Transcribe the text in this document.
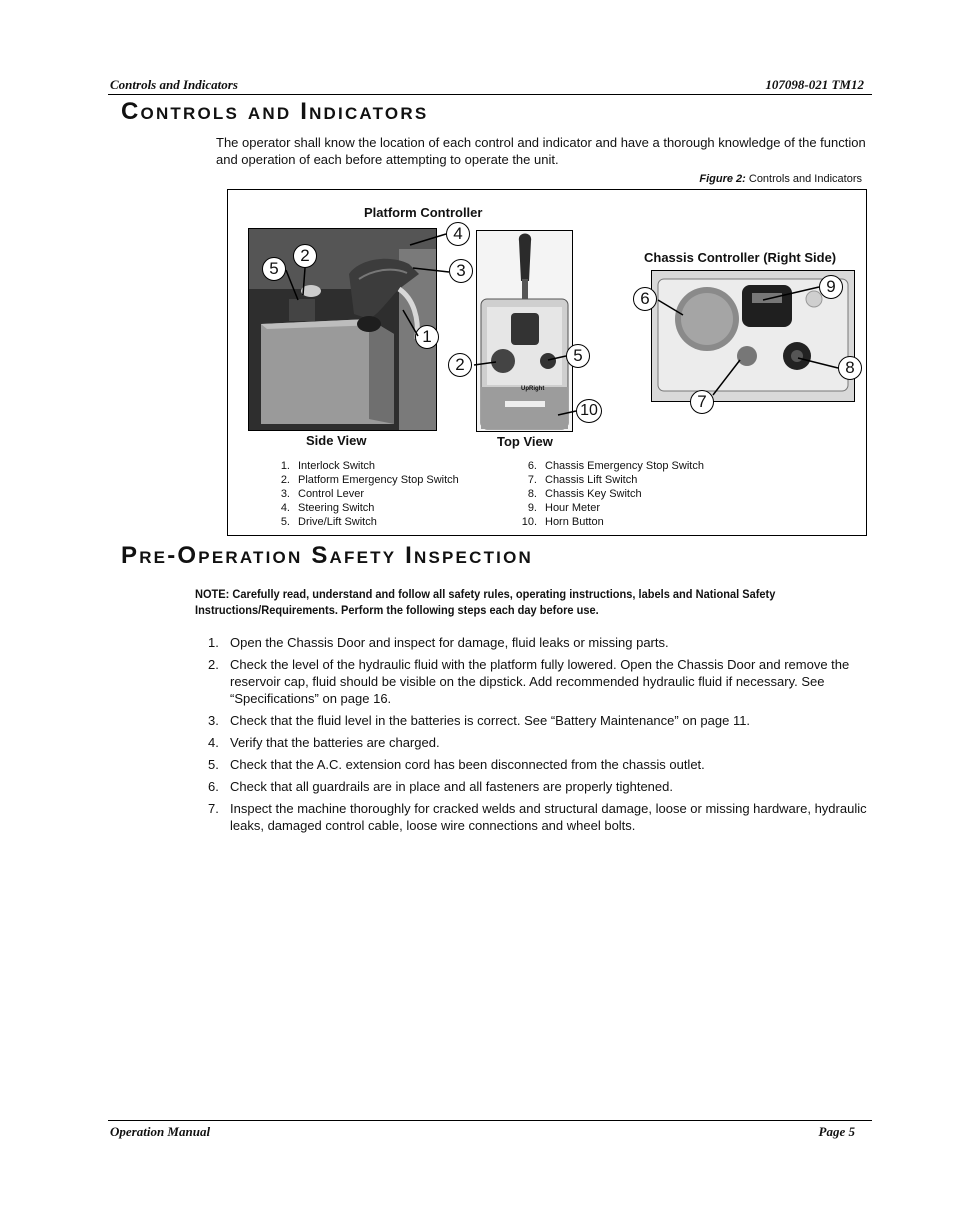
Controls and Indicators	107098-021 TM12
Controls and Indicators
The operator shall know the location of each control and indicator and have a thorough knowledge of the function and operation of each before attempting to operate the unit.
Figure 2: Controls and Indicators
Platform Controller
Chassis Controller (Right Side)
Side View
UpRight
Top View
5
2
4
3
1
2	5
10
6
9
8
7
1. Interlock Switch
2. Platform Emergency Stop Switch
3. Control Lever
4. Steering Switch
5. Drive/Lift Switch
6. Chassis Emergency Stop Switch
7. Chassis Lift Switch
8. Chassis Key Switch
9. Hour Meter
10. Horn Button
Pre-Operation Safety Inspection
NOTE: Carefully read, understand and follow all safety rules, operating instructions, labels and National Safety Instructions/Requirements. Perform the following steps each day before use.
1. Open the Chassis Door and inspect for damage, fluid leaks or missing parts.
2. Check the level of the hydraulic fluid with the platform fully lowered. Open the Chassis Door and remove the reservoir cap, fluid should be visible on the dipstick. Add recommended hydraulic fluid if necessary. See “Specifications” on page 16.
3. Check that the fluid level in the batteries is correct. See “Battery Maintenance” on page 11.
4. Verify that the batteries are charged.
5. Check that the A.C. extension cord has been disconnected from the chassis outlet.
6. Check that all guardrails are in place and all fasteners are properly tightened.
7. Inspect the machine thoroughly for cracked welds and structural damage, loose or missing hardware, hydraulic leaks, damaged control cable, loose wire connections and wheel bolts.
Operation Manual	Page 5
